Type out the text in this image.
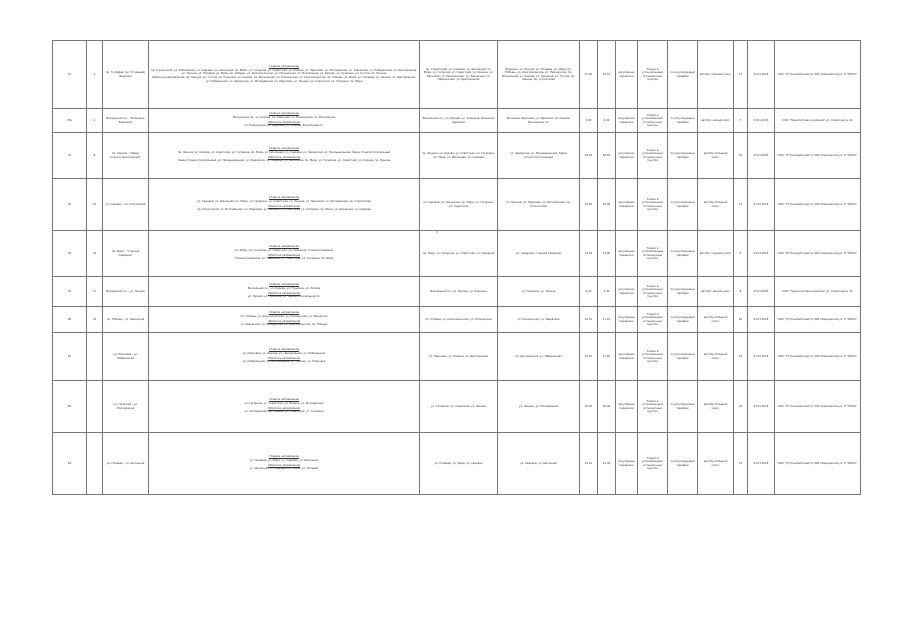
72	4	пр. Гл-Кефер пр-т (Главный) Вершина	Главное направление
пр. Строителей, ул. Юбилейная, ул. Садовая, ул. Школьная, пр. Мира, ул. Гагарина, ул. Советская, ул. Ленина, ул. Парковая, ул. Молодёжная, ул. Заводская, ул. Набережная, ул. Центральная, ул. Лесная, ул. Полевая, ул. Мира, пр. Победы, ул. Комсомольская, ул. Пионерская, пл. Вокзальная, ул. Кирова, ул. Пушкина, ул. Гоголя, пр. Ленина
Обратное направление: пр. Ленина, ул. Гоголя, ул. Пушкина, ул. Кирова, пл. Вокзальная, ул. Пионерская, ул. Комсомольская, пр. Победы, ул. Мира, ул. Полевая, ул. Лесная, ул. Центральная, ул. Набережная, ул. Заводская, ул. Молодёжная, ул. Парковая, ул. Ленина, ул. Советская, ул. Гагарина, пр. Мира	пр. Строителей, ул. Садовая, ул. Школьная, пр. Мира, ул. Гагарина, ул. Советская, ул. Ленина, ул. Парковая, ул. Молодёжная, ул. Заводская, ул. Набережная, ул. Центральная	Вершина, ул. Лесная, ул. Полевая, ул. Мира, пр. Победы, ул. Комсомольская, ул. Пионерская, пл. Вокзальная, ул. Кирова, ул. Пушкина, ул. Гоголя, пр. Ленина, пр. Строителей	21,00	22,10	регулярные перевозки	Только в установленных остановочных пунктах	по регулируемым тарифам	автобус средний класс	12	01.01.2016	ООО "ГК Трансавтоцентр" 000 Смирновская ул. 8 "ТРАНС"
73А	2	Вокзальная пл. - "Больница Заречная"	Главное направление
Вокзальная пл., ул. Кирова, ул. Заречная, ул. Больничная, пл. Вокзальная
Обратное направление
ул. Больничная, ул. Заречная, ул. Кирова, Вокзальная пл.	Вокзальная пл., ул. Кирова, ул. Заречная, Больница Заречная	Больница Заречная, ул. Заречная, ул. Кирова, Вокзальная пл.	9,80	9,40	регулярные перевозки	Только в установленных остановочных пунктах	по регулируемым тарифам	автобус малый класс	7	01.01.2016	ООО "Транспортная компания" ул. Советская д. 14
75	8	пр. Ленина - "Завод Станкостроительный"	Главное направление
пр. Ленина, ул. Кирова, ул. Советская, ул. Гагарина, пр. Мира, ул. Школьная, ул. Садовая, ул. Заводская, ул. Промышленная, Завод Станкостроительный
Обратное направление
Завод Станкостроительный, ул. Промышленная, ул. Заводская, ул. Садовая, ул. Школьная, пр. Мира, ул. Гагарина, ул. Советская, ул. Кирова, пр. Ленина	пр. Ленина, ул. Кирова, ул. Советская, ул. Гагарина, пр. Мира, ул. Школьная, ул. Садовая	ул. Заводская, ул. Промышленная, Завод Станкостроительный	18,20	18,40	регулярные перевозки	Только в установленных остановочных пунктах	по регулируемым тарифам	автобус большой класс	25	01.01.2016	ООО "ГК Трансавтоцентр" 000 Смирновская ул. 8 "ТРАНС"
76	10	ул. Садовая - пр. Строителей	Главное направление
ул. Садовая, ул. Школьная, пр. Мира, ул. Гагарина, ул. Советская, ул. Ленина, ул. Парковая, ул. Молодёжная, пр. Строителей
Обратное направление
пр. Строителей, ул. Молодёжная, ул. Парковая, ул. Ленина, ул. Советская, ул. Гагарина, пр. Мира, ул. Школьная, ул. Садовая	ул. Садовая, ул. Школьная, пр. Мира, ул. Гагарина, ул. Советская	ул. Ленина, ул. Парковая, ул. Молодёжная, пр. Строителей	19,50	19,00	регулярные перевозки	Только в установленных остановочных пунктах	по регулируемым тарифам	автобус большой класс	13	01.01.2016	ООО "ГК Трансавтоцентр" 000 Смирновская ул. 8 "ТРАНС"
78	14	пр. Мира - "Станция Северная"	Главное направление
пр. Мира, ул. Гагарина, ул. Советская, ул. Северная, Станция Северная
Обратное направление
Станция Северная, ул. Северная, ул. Советская, ул. Гагарина, пр. Мира	пр. Мира, ул. Гагарина, ул. Советская, ул. Северная	ул. Северная, Станция Северная	14,00	13,90	регулярные перевозки	Только в установленных остановочных пунктах	по регулируемым тарифам	автобус средний класс	6	01.01.2016	ООО "ГК Трансавтоцентр" 000 Смирновская ул. 8 "ТРАНС"
79	17	Вокзальная пл. - ул. Лесная	Главное направление
Вокзальная пл., ул. Кирова, ул. Пушкина, ул. Лесная
Обратное направление
ул. Лесная, ул. Пушкина, ул. Кирова, Вокзальная пл.	Вокзальная пл., ул. Кирова, ул. Пушкина	ул. Пушкина, ул. Лесная	9,20	9,40	регулярные перевозки	Только в установленных остановочных пунктах	по регулируемым тарифам	автобус малый класс	8	01.01.2016	ООО "Транспортная компания" ул. Советская д. 14
80	19	пр. Победы - ул. Заводская	Главное направление
пр. Победы, ул. Комсомольская, ул. Пионерская, ул. Заводская
Обратное направление
ул. Заводская, ул. Пионерская, ул. Комсомольская, пр. Победы	пр. Победы, ул. Комсомольская, ул. Пионерская	ул. Пионерская, ул. Заводская	16,10	17,20	регулярные перевозки	Только в установленных остановочных пунктах	по регулируемым тарифам	автобус большой класс	20	01.01.2016	ООО "ГК Трансавтоцентр" 000 Смирновская ул. 8 "ТРАНС"
82		ул. Парковая - ул. Набережная	Главное направление
ул. Парковая, ул. Ленина, ул. Центральная, ул. Набережная
Обратное направление
ул. Набережная, ул. Центральная, ул. Ленина, ул. Парковая	ул. Парковая, ул. Ленина, ул. Центральная	ул. Центральная, ул. Набережная	27,10	27,50	регулярные перевозки	Только в установленных остановочных пунктах	по регулируемым тарифам	автобус большой класс	16	01.01.2016	ООО "ГК Трансавтоцентр" 000 Смирновская ул. 8 "ТРАНС"
83		ул. Гагарина - ул. Молодёжная	Главное направление
ул. Гагарина, ул. Советская, ул. Ленина, ул. Молодёжная
Обратное направление
ул. Молодёжная, ул. Ленина, ул. Советская, ул. Гагарина	ул. Гагарина, ул. Советская, ул. Ленина	ул. Ленина, ул. Молодёжная	20,50	20,90	регулярные перевозки	Только в установленных остановочных пунктах	по регулируемым тарифам	автобус большой класс	26	01.01.2016	ООО "ГК Трансавтоцентр" 000 Смирновская ул. 8 "ТРАНС"
84		ул. Полевая - ул. Школьная	Главное направление
ул. Полевая, ул. Мира, ул. Садовая, ул. Школьная
Обратное направление
ул. Школьная, ул. Садовая, ул. Мира, ул. Полевая	ул. Полевая, ул. Мира, ул. Садовая	ул. Садовая, ул. Школьная	22,10	21,30	регулярные перевозки	Только в установленных остановочных пунктах	по регулируемым тарифам	автобус большой класс	15	01.01.2016	ООО "ГК Трансавтоцентр" 000 Смирновская ул. 8 "ТРАНС"
2
